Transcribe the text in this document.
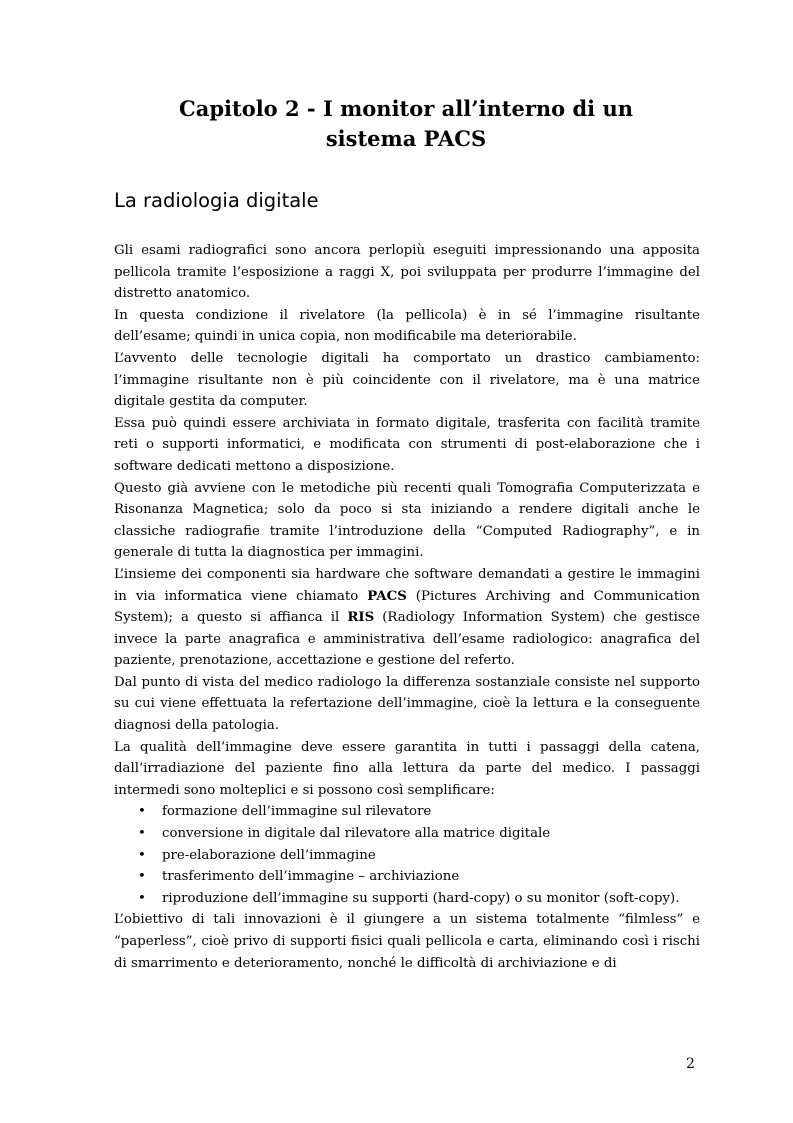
Capitolo 2 - I monitor all’interno di un
sistema PACS
La radiologia digitale

Gli esami radiografici sono ancora perlopiù eseguiti impressionando una apposita pellicola tramite l’esposizione a raggi X, poi sviluppata per produrre l’immagine del distretto anatomico.

In questa condizione il rivelatore (la pellicola) è in sé l’immagine risultante dell’esame; quindi in unica copia, non modificabile ma deteriorabile.

L’avvento delle tecnologie digitali ha comportato un drastico cambiamento: l’immagine risultante non è più coincidente con il rivelatore, ma è una matrice digitale gestita da computer.

Essa può quindi essere archiviata in formato digitale, trasferita con facilità tramite reti o supporti informatici, e modificata con strumenti di post-elaborazione che i software dedicati mettono a disposizione.

Questo già avviene con le metodiche più recenti quali Tomografia Computerizzata e Risonanza Magnetica; solo da poco si sta iniziando a rendere digitali anche le classiche radiografie tramite l’introduzione della “Computed Radiography”, e in generale di tutta la diagnostica per immagini.

L’insieme dei componenti sia hardware che software demandati a gestire le immagini in via informatica viene chiamato PACS (Pictures Archiving and Communication System); a questo si affianca il RIS (Radiology Information System) che gestisce invece la parte anagrafica e amministrativa dell’esame radiologico: anagrafica del paziente, prenotazione, accettazione e gestione del referto.

Dal punto di vista del medico radiologo la differenza sostanziale consiste nel supporto su cui viene effettuata la refertazione dell’immagine, cioè la lettura e la conseguente diagnosi della patologia.

La qualità dell’immagine deve essere garantita in tutti i passaggi della catena, dall’irradiazione del paziente fino alla lettura da parte del medico. I passaggi intermedi sono molteplici e si possono così semplificare:

• formazione dell’immagine sul rilevatore
• conversione in digitale dal rilevatore alla matrice digitale
• pre-elaborazione dell’immagine
• trasferimento dell’immagine – archiviazione
• riproduzione dell’immagine su supporti (hard-copy) o su monitor (soft-copy).

L’obiettivo di tali innovazioni è il giungere a un sistema totalmente “filmless” e “paperless”, cioè privo di supporti fisici quali pellicola e carta, eliminando così i rischi di smarrimento e deterioramento, nonché le difficoltà di archiviazione e di

2
